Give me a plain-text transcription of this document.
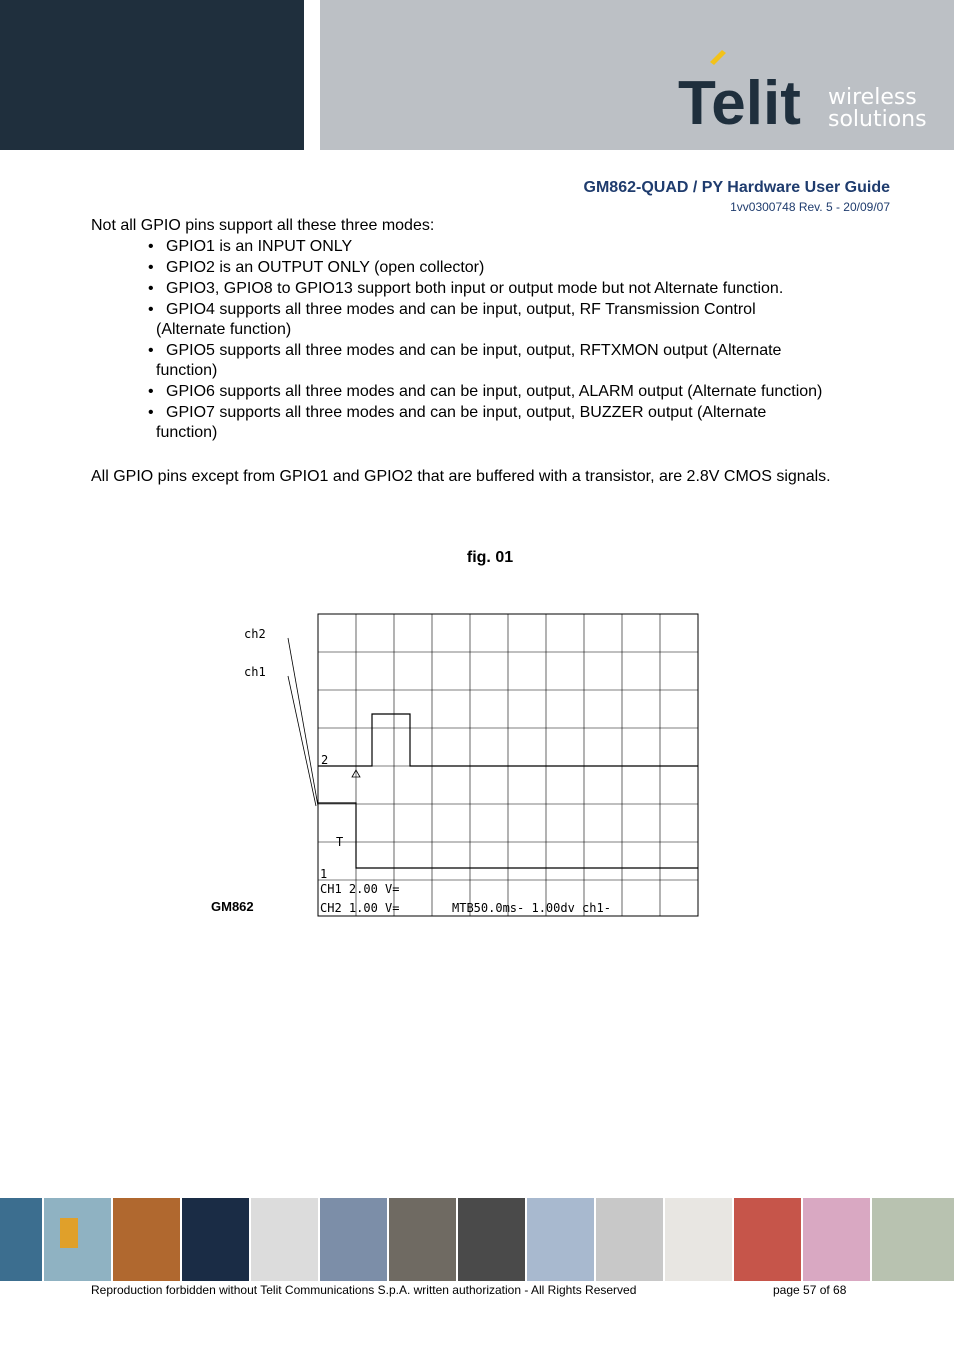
Telit wireless
solutions
GM862-QUAD / PY Hardware User Guide
1vv0300748 Rev. 5 - 20/09/07
Not all GPIO pins support all these three modes:
• GPIO1 is an INPUT ONLY
• GPIO2 is an OUTPUT ONLY (open collector)
• GPIO3, GPIO8 to GPIO13 support both input or output mode but not Alternate function.
• GPIO4 supports all three modes and can be input, output, RF Transmission Control
(Alternate function)
• GPIO5 supports all three modes and can be input, output, RFTXMON output (Alternate
function)
• GPIO6 supports all three modes and can be input, output, ALARM output (Alternate function)
• GPIO7 supports all three modes and can be input, output, BUZZER output (Alternate
function)
All GPIO pins except from GPIO1 and GPIO2 that are buffered with a transistor, are 2.8V CMOS signals.
fig. 01
GM862
ch2
ch1
2
T
1
CH1 2.00 V=
CH2 1.00 V=	MTB50.0ms- 1.00dv ch1-
Reproduction forbidden without Telit Communications S.p.A. written authorization - All Rights Reserved	page 57 of 68
